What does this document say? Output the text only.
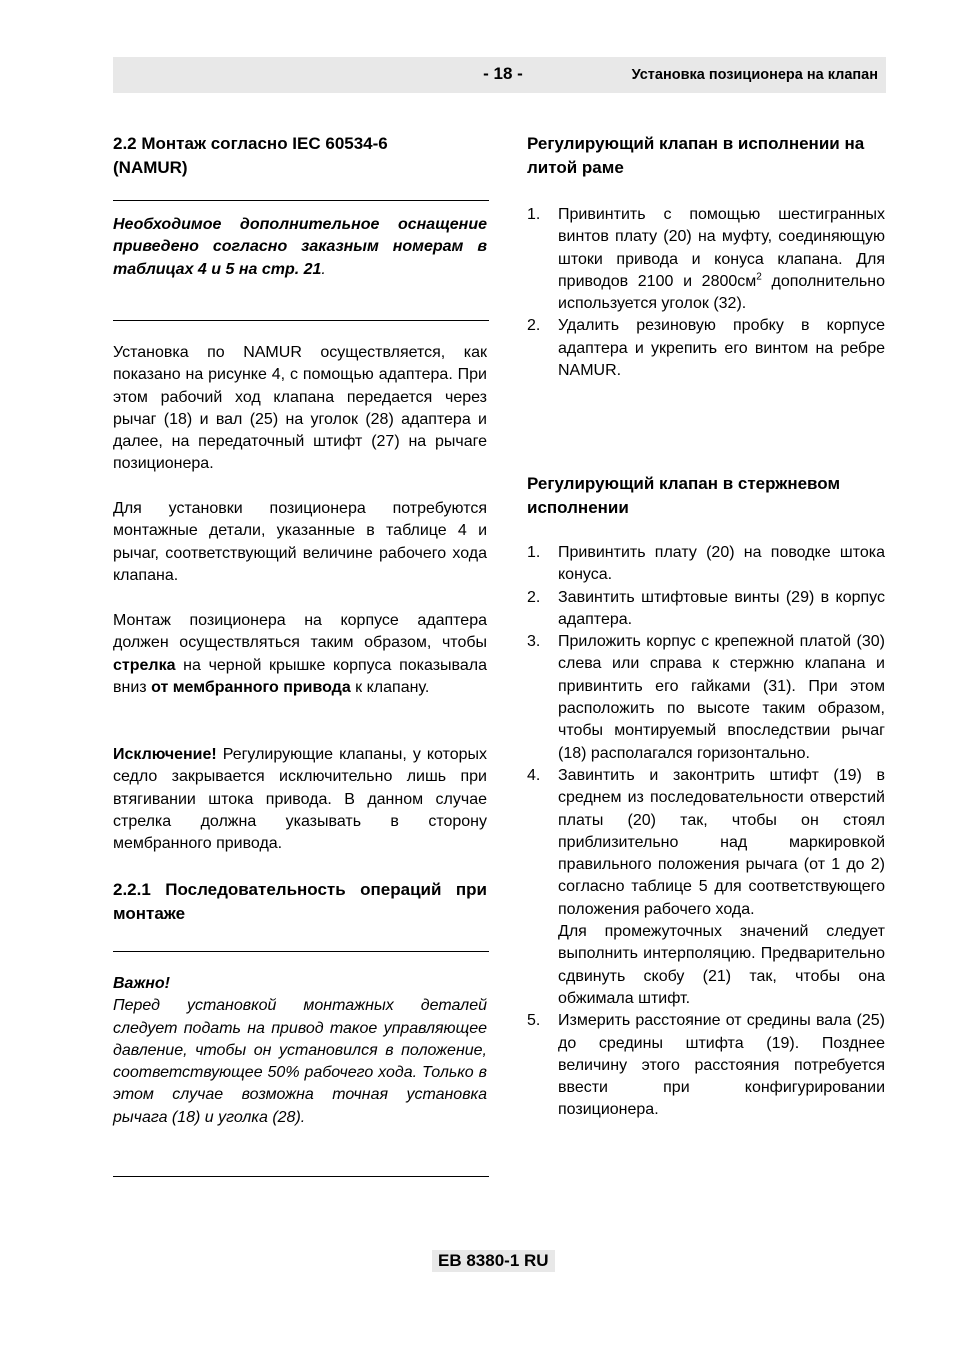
- 18 -	Установка позиционера на клапан
2.2 Монтаж согласно IEC 60534-6 (NAMUR)

Необходимое дополнительное оснащение приведено согласно заказным номерам в таблицах 4 и 5 на стр. 21.

Установка по NAMUR осуществляется, как показано на рисунке 4, с помощью адаптера. При этом рабочий ход клапана передается через рычаг (18) и вал (25) на уголок (28) адаптера и далее, на передаточный штифт (27) на рычаге позиционера.

Для установки позиционера потребуются монтажные детали, указанные в таблице 4 и рычаг, соответствующий величине рабочего хода клапана.

Монтаж позиционера на корпусе адаптера должен осуществляться таким образом, чтобы стрелка на черной крышке корпуса показывала вниз от мембранного привода к клапану.

Исключение! Регулирующие клапаны, у которых седло закрывается исключительно лишь при втягивании штока привода. В данном случае стрелка должна указывать в сторону мембранного привода.

2.2.1 Последовательность операций при монтаже

Важно!

Перед установкой монтажных деталей следует подать на привод такое управляющее давление, чтобы он установился в положение, соответствующее 50% рабочего хода. Только в этом случае возможна точная установка рычага (18) и уголка (28).

Регулирующий клапан в исполнении на литой раме
1. Привинтить с помощью шестигранных винтов плату (20) на муфту, соединяющую штоки привода и конуса клапана. Для приводов 2100 и $2800см^2$ дополнительно используется уголок (32).
2. Удалить резиновую пробку в корпусе адаптера и укрепить его винтом на ребре NAMUR.
Регулирующий клапан в стержневом исполнении
1. Привинтить плату (20) на поводке штока конуса.
2. Завинтить штифтовые винты (29) в корпус адаптера.
3. Приложить корпус с крепежной платой (30) слева или справа к стержню клапана и привинтить его гайками (31). При этом расположить по высоте таким образом, чтобы монтируемый впоследствии рычаг (18) располагался горизонтально.
4. Завинтить и законтрить штифт (19) в среднем из последовательности отверстий платы (20) так, чтобы он стоял приблизительно над маркировкой правильного положения рычага (от 1 до 2) согласно таблице 5 для соответствующего положения рабочего хода.
Для промежуточных значений следует выполнить интерполяцию. Предварительно сдвинуть скобу (21) так, чтобы она обжимала штифт.
5. Измерить расстояние от средины вала (25) до средины штифта (19). Позднее величину этого расстояния потребуется ввести при конфигурировании позиционера.
EB 8380-1 RU
